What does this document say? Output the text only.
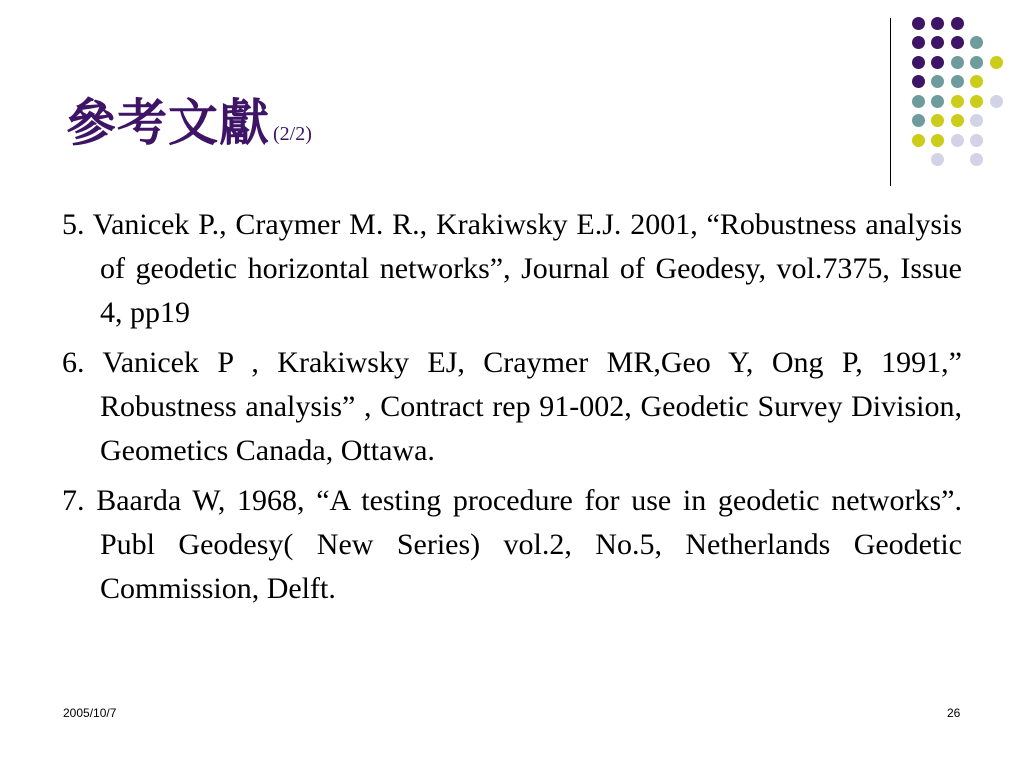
參考文獻 (2/2)
5. Vanicek P., Craymer M. R., Krakiwsky E.J. 2001, “Robustness analysis of geodetic horizontal networks”, Journal of Geodesy, vol.7375, Issue 4, pp19
6. Vanicek P , Krakiwsky EJ, Craymer MR,Geo Y, Ong P, 1991,” Robustness analysis” , Contract rep 91-002, Geodetic Survey Division, Geometics Canada, Ottawa.
7. Baarda W, 1968, “A testing procedure for use in geodetic networks”. Publ Geodesy( New Series) vol.2, No.5, Netherlands Geodetic Commission, Delft.
2005/10/7	26
